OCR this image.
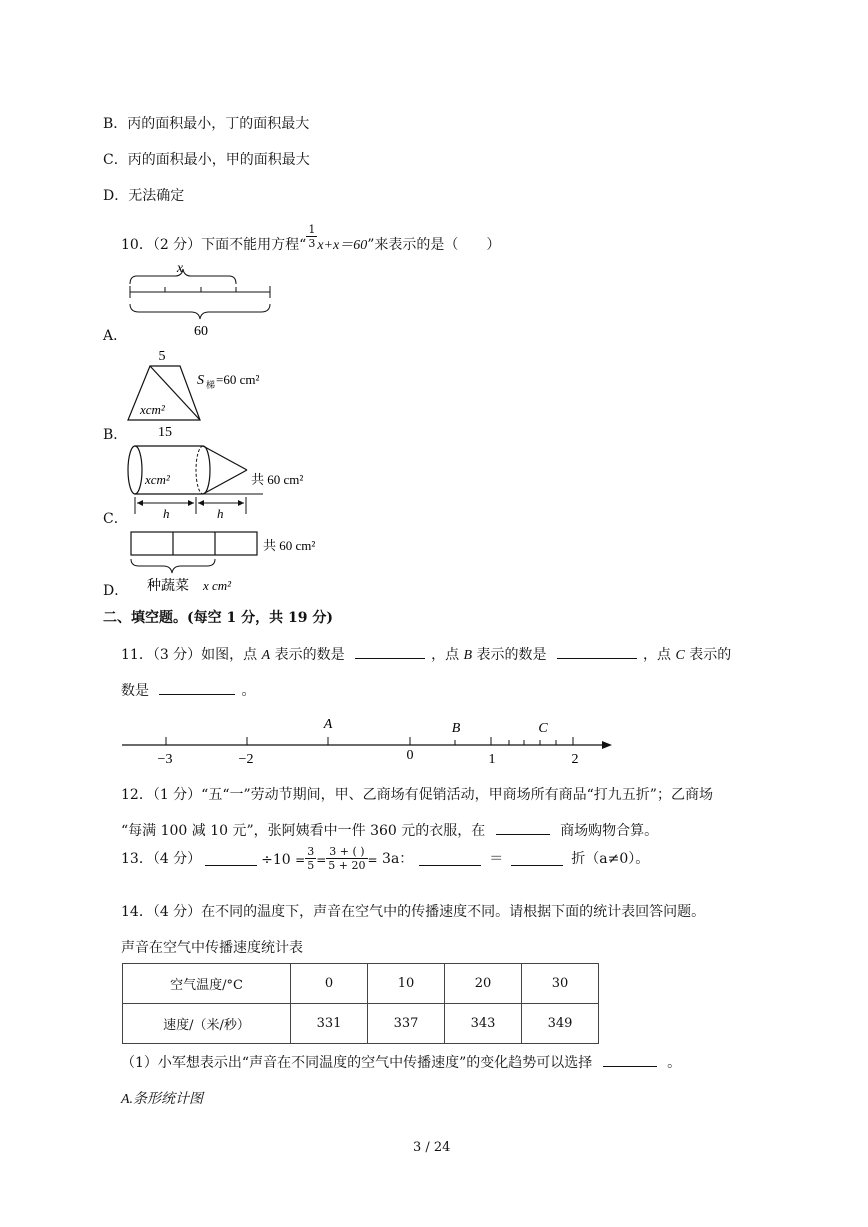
B．丙的面积最小，丁的面积最大
C．丙的面积最小，甲的面积最大
D．无法确定
10．（2 分）下面不能用方程“ $\frac{1}{3} x+x=60$”来表示的是（　　）
A．
B．
C．
D．
x
60
5
xcm²
15
S 梯 =60 cm²
xcm²	共 60 cm²
h	h
共 60 cm²
种蔬菜 x cm²
二、填空题。(每空 1 分，共 19 分)
11．（3 分）如图，点 A 表示的数是	，点 B 表示的数是	，点 C 表示的
数是	。
−3	−2	0	1	2
A	B	C
12．（1 分）“五“一”劳动节期间，甲、乙商场有促销活动，甲商场所有商品“打九五折”；乙商场
“每满 100 减 10 元”，张阿姨看中一件 360 元的衣服，在	商场购物合算。
13．（4 分）	$\div 10 = \frac{3}{5} = \frac{3 + ( )}{5 + 20} = 3a$：	＝	折（a≠0）。
14．（4 分）在不同的温度下，声音在空气中的传播速度不同。请根据下面的统计表回答问题。
声音在空气中传播速度统计表
空气温度/°C	0	10	20	30
速度/（米/秒）	331	337	343	349
（1）小军想表示出“声音在不同温度的空气中传播速度”的变化趋势可以选择	。
A.条形统计图
3 / 24
